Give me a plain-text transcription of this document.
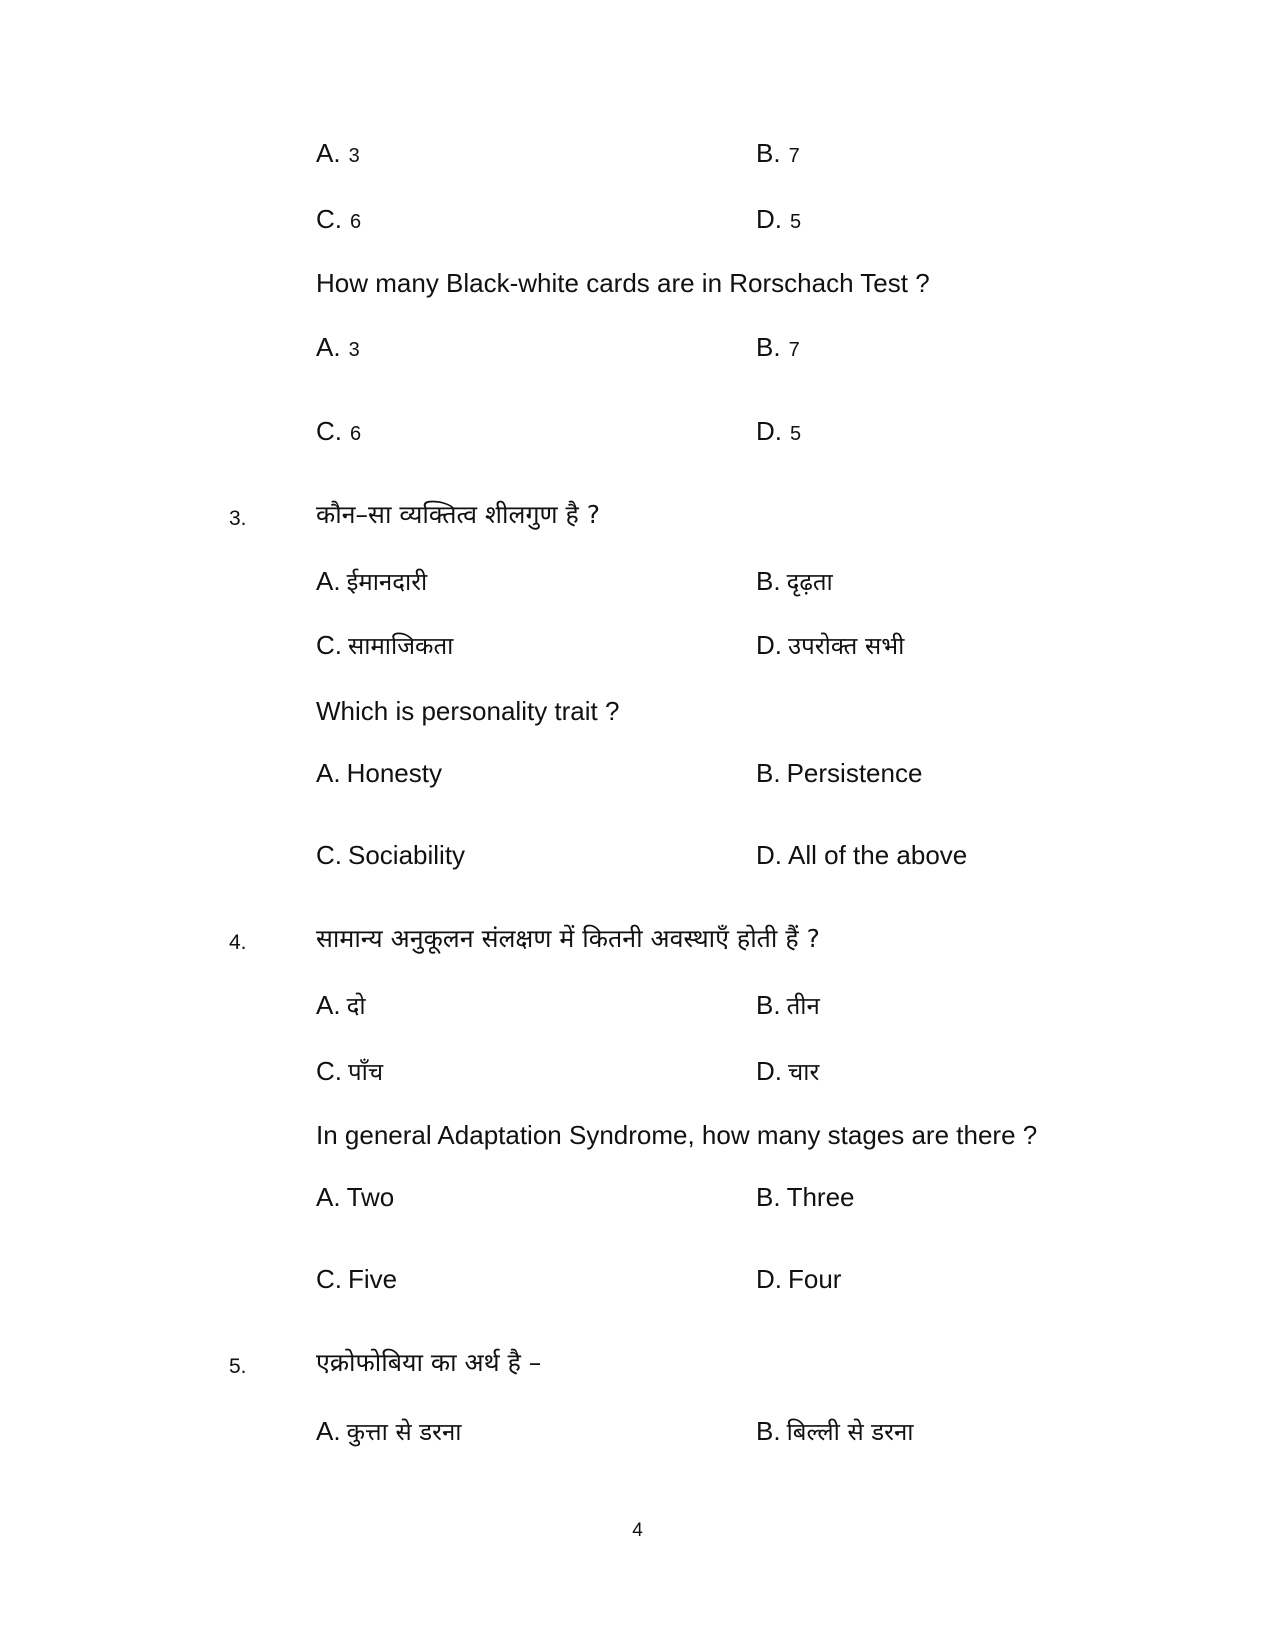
A. 3	B. 7
C. 6	D. 5
How many Black-white cards are in Rorschach Test ?
A. 3	B. 7
C. 6	D. 5
3.	कौन–सा व्यक्तित्व शीलगुण है ?
A. ईमानदारी	B. दृढ़ता
C. सामाजिकता	D. उपरोक्त सभी
Which is personality trait ?
A. Honesty	B. Persistence
C. Sociability	D. All of the above
4.	सामान्य अनुकूलन संलक्षण में कितनी अवस्थाएँ होती हैं ?
A. दो	B. तीन
C. पाँच	D. चार
In general Adaptation Syndrome, how many stages are there ?
A. Two	B. Three
C. Five	D. Four
5.	एक्रोफोबिया का अर्थ है –
A. कुत्ता से डरना	B. बिल्ली से डरना
4
